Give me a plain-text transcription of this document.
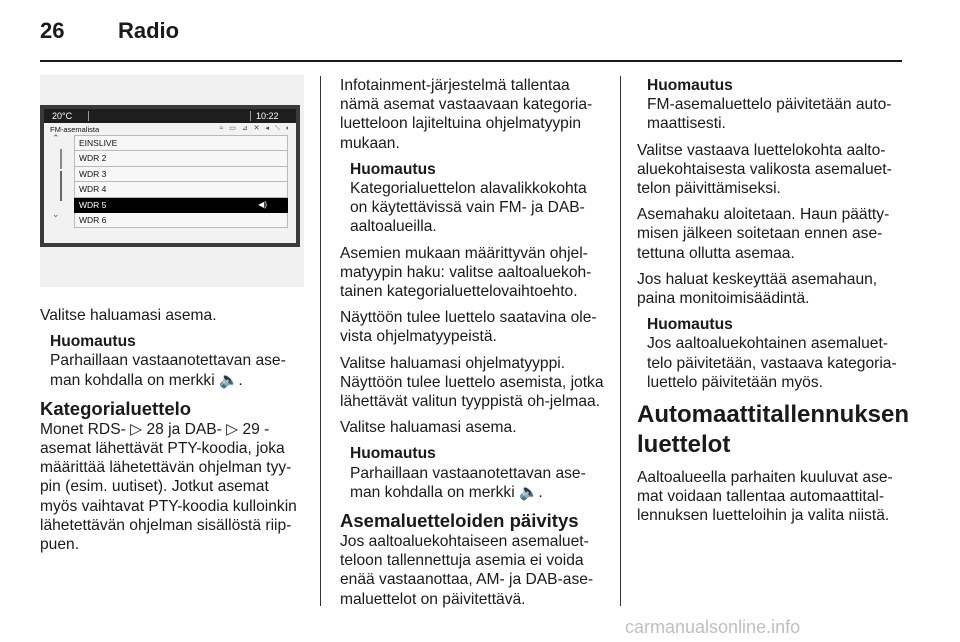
26 Radio
20°C	10:22
FM-asemalista	≈ ▭ ⊿ ✕ ◂ ⟍ ◐
⌃
⌄
EINSLIVE
WDR 2
WDR 3
WDR 4
WDR 5	◀)
WDR 6

Valitse haluamasi asema.

Huomautus
Parhaillaan vastaanotettavan ase-man kohdalla on merkki 🔈.
Kategorialuettelo

Monet RDS- ▷ 28 ja DAB- ▷ 29 -asemat lähettävät PTY-koodia, joka määrittää lähetettävän ohjelman tyy-pin (esim. uutiset). Jotkut asemat myös vaihtavat PTY-koodia kulloinkin lähetettävän ohjelman sisällöstä riip-puen.

Infotainment-järjestelmä tallentaa nämä asemat vastaavaan kategoria-luetteloon lajiteltuina ohjelmatyypin mukaan.

Huomautus
Kategorialuettelon alavalikkokohta on käytettävissä vain FM- ja DAB-aaltoalueilla.

Asemien mukaan määrittyvän ohjel-matyypin haku: valitse aaltoaluekoh-tainen kategorialuettelovaihtoehto.

Näyttöön tulee luettelo saatavina ole-vista ohjelmatyypeistä.

Valitse haluamasi ohjelmatyyppi. Näyttöön tulee luettelo asemista, jotka lähettävät valitun tyyppistä oh-jelmaa.

Valitse haluamasi asema.

Huomautus
Parhaillaan vastaanotettavan ase-man kohdalla on merkki 🔈.
Asemaluetteloiden päivitys

Jos aaltoaluekohtaiseen asemaluet-teloon tallennettuja asemia ei voida enää vastaanottaa, AM- ja DAB-ase-maluettelot on päivitettävä.

Huomautus
FM-asemaluettelo päivitetään auto-maattisesti.

Valitse vastaava luettelokohta aalto-aluekohtaisesta valikosta asemaluet-telon päivittämiseksi.

Asemahaku aloitetaan. Haun päätty-misen jälkeen soitetaan ennen ase-tettuna ollutta asemaa.

Jos haluat keskeyttää asemahaun, paina monitoimisäädintä.

Huomautus
Jos aaltoaluekohtainen asemaluet-telo päivitetään, vastaava kategoria-luettelo päivitetään myös.
Automaattitallennuksen luettelot

Aaltoalueella parhaiten kuuluvat ase-mat voidaan tallentaa automaattital-lennuksen luetteloihin ja valita niistä.

carmanualsonline.info
